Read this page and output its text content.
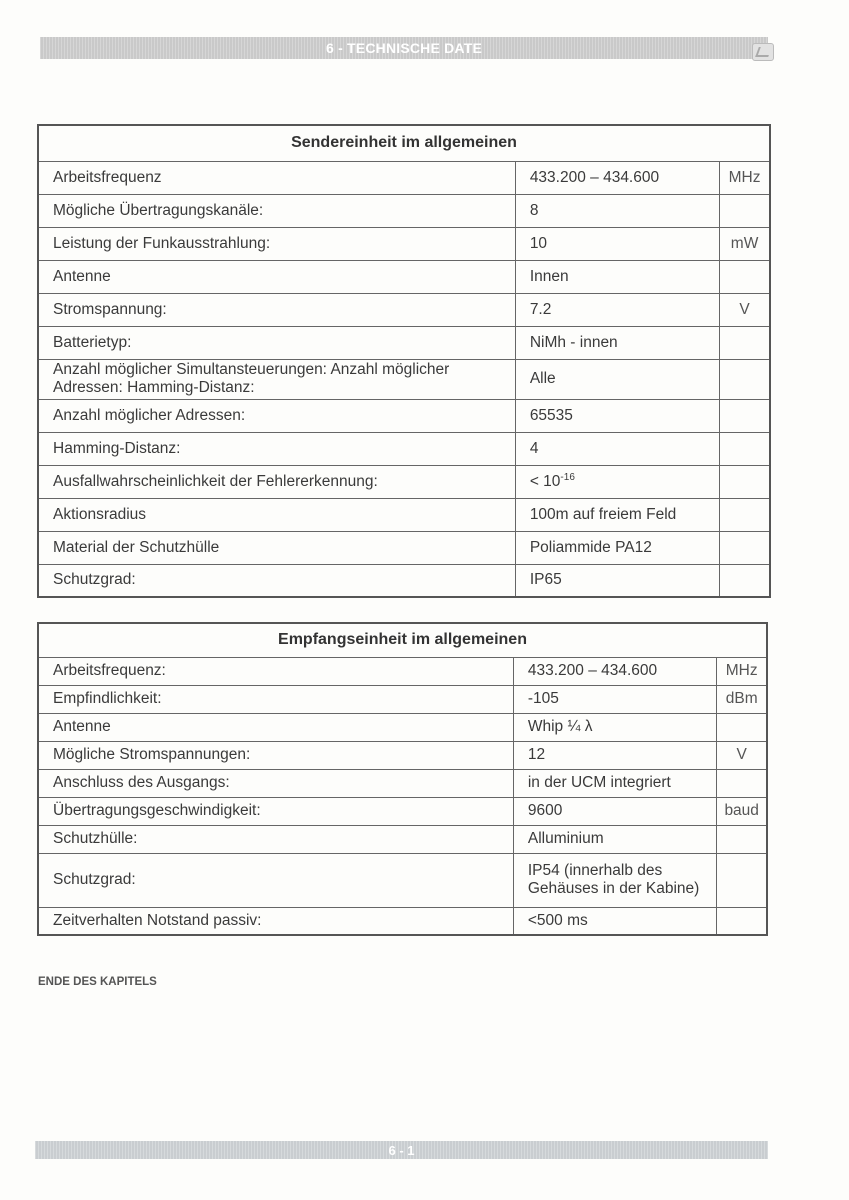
6 - TECHNISCHE DATE
Sendereinheit im allgemeinen		
Arbeitsfrequenz	433.200 – 434.600	MHz
Mögliche Übertragungskanäle:	8	
Leistung der Funkausstrahlung:	10	mW
Antenne	Innen	
Stromspannung:	7.2	V
Batterietyp:	NiMh - innen	
Anzahl möglicher Simultansteuerungen: Anzahl möglicher Adressen: Hamming-Distanz:	Alle	
Anzahl möglicher Adressen:	65535	
Hamming-Distanz:	4	
Ausfallwahrscheinlichkeit der Fehlererkennung:	< $10^{-16}$	
Aktionsradius	100m auf freiem Feld	
Material der Schutzhülle	Poliammide PA12	
Schutzgrad:	IP65	
Empfangseinheit im allgemeinen		
Arbeitsfrequenz:	433.200 – 434.600	MHz
Empfindlichkeit:	-105	dBm
Antenne	Whip ¼ λ	
Mögliche Stromspannungen:	12	V
Anschluss des Ausgangs:	in der UCM integriert	
Übertragungsgeschwindigkeit:	9600	baud
Schutzhülle:	Alluminium	
Schutzgrad:	IP54 (innerhalb des Gehäuses in der Kabine)	
Zeitverhalten Notstand passiv:	<500 ms	
ENDE DES KAPITELS
6 - 1
